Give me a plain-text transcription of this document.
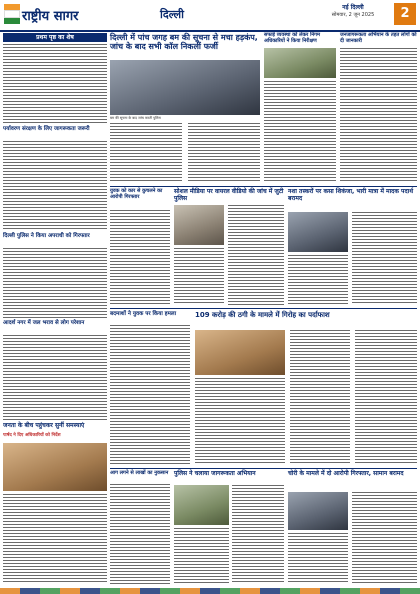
राष्ट्रीय सागर	दिल्ली
नई दिल्ली
सोमवार, 2 जून 2025	2
प्रथम पृष्ठ का शेष
पर्यावरण संरक्षण के लिए जागरूकता जरूरी
दिल्ली पुलिस ने किया अपराधी को गिरफ्तार
आदर्श नगर में जल भराव से लोग परेशान
जनता के बीच पहुंचकर सुनीं समस्याएं
पार्षद ने दिए अधिकारियों को निर्देश
दिल्ली में पांच जगह बम की सूचना से मचा हड़कंप, जांच के बाद सभी कॉल निकलीं फर्जी
बम की सूचना के बाद जांच करती पुलिस
सफाई व्यवस्था को लेकर निगम अधिकारियों ने किया निरीक्षण
जनजागरूकता अभियान के तहत लोगों को दी जानकारी
युवक को कार से कुचलने का आरोपी गिरफ्तार
सोशल मीडिया पर वायरल वीडियो की जांच में जुटी पुलिस
नशा तस्करों पर कसा शिकंजा, भारी मात्रा में मादक पदार्थ बरामद
बदमाशों ने युवक पर किया हमला	109 करोड़ की ठगी के मामले में गिरोह का पर्दाफाश
आग लगने से लाखों का नुकसान पुलिस ने चलाया जागरूकता अभियान	चोरी के मामले में दो आरोपी गिरफ्तार, सामान बरामद
